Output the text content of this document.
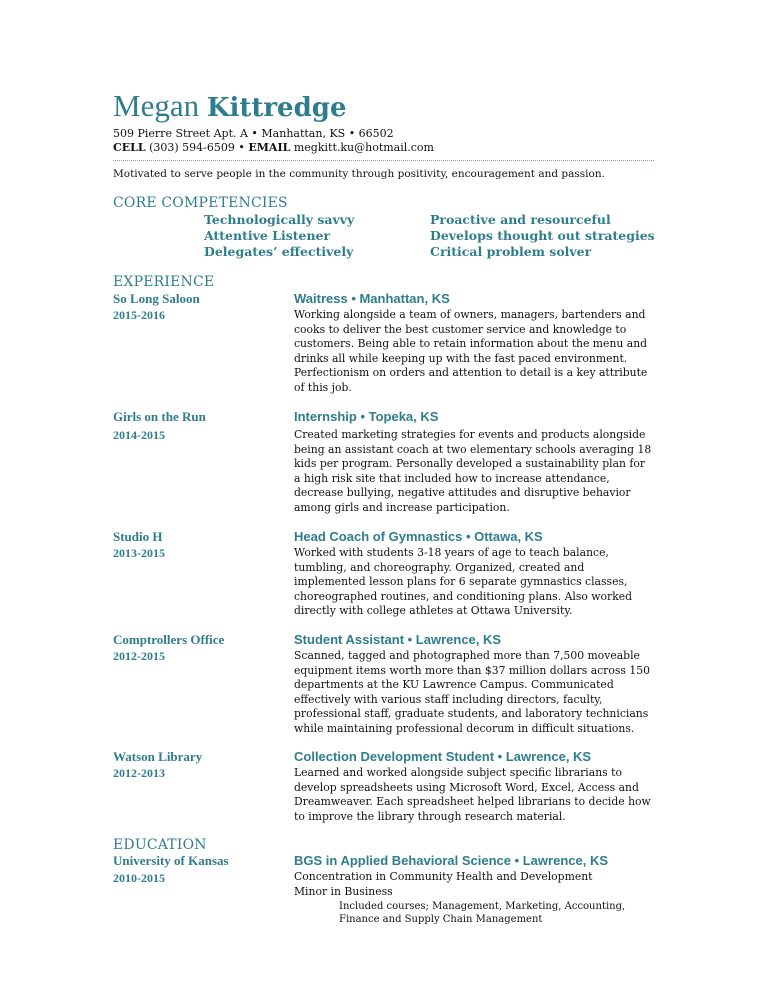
Megan Kittredge
509 Pierre Street Apt. A • Manhattan, KS • 66502
CELL (303) 594-6509 • EMAIL megkitt.ku@hotmail.com
Motivated to serve people in the community through positivity, encouragement and passion.
CORE COMPETENCIES
Technologically savvy
Attentive Listener
Delegates’ effectively
Proactive and resourceful
Develops thought out strategies
Critical problem solver
EXPERIENCE
So Long Saloon
2015-2016
Waitress • Manhattan, KS
Working alongside a team of owners, managers, bartenders and
cooks to deliver the best customer service and knowledge to
customers. Being able to retain information about the menu and
drinks all while keeping up with the fast paced environment.
Perfectionism on orders and attention to detail is a key attribute
of this job.
Girls on the Run
2014-2015
Internship • Topeka, KS
Created marketing strategies for events and products alongside
being an assistant coach at two elementary schools averaging 18
kids per program. Personally developed a sustainability plan for
a high risk site that included how to increase attendance,
decrease bullying, negative attitudes and disruptive behavior
among girls and increase participation.
Studio H
2013-2015
Head Coach of Gymnastics • Ottawa, KS
Worked with students 3-18 years of age to teach balance,
tumbling, and choreography. Organized, created and
implemented lesson plans for 6 separate gymnastics classes,
choreographed routines, and conditioning plans. Also worked
directly with college athletes at Ottawa University.
Comptrollers Office
2012-2015
Student Assistant • Lawrence, KS
Scanned, tagged and photographed more than 7,500 moveable
equipment items worth more than $37 million dollars across 150
departments at the KU Lawrence Campus. Communicated
effectively with various staff including directors, faculty,
professional staff, graduate students, and laboratory technicians
while maintaining professional decorum in difficult situations.
Watson Library
2012-2013
Collection Development Student • Lawrence, KS
Learned and worked alongside subject specific librarians to
develop spreadsheets using Microsoft Word, Excel, Access and
Dreamweaver. Each spreadsheet helped librarians to decide how
to improve the library through research material.
EDUCATION
University of Kansas
2010-2015
BGS in Applied Behavioral Science • Lawrence, KS
Concentration in Community Health and Development
Minor in Business
Included courses; Management, Marketing, Accounting,
Finance and Supply Chain Management
